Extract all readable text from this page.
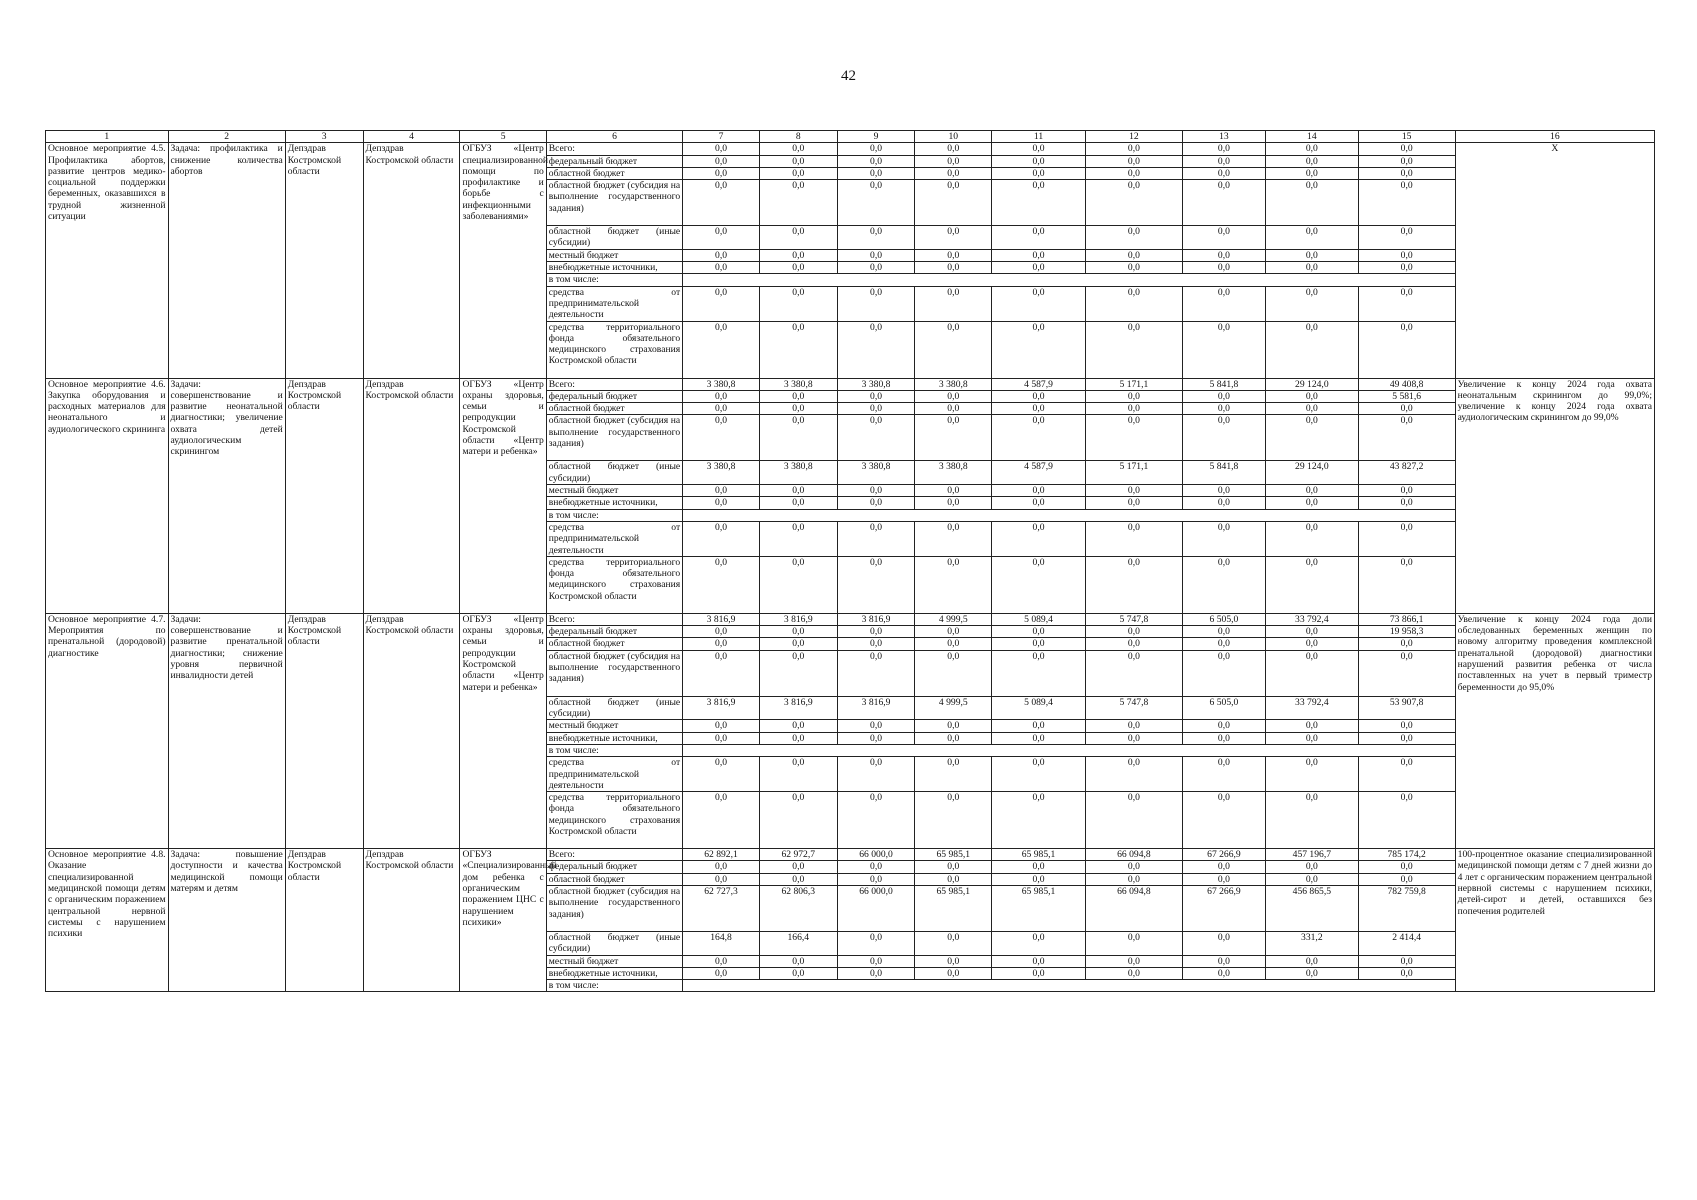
42
1	2	3	4	5	6	7	8	9	10	11	12	13	14	15	16
Основное мероприятие 4.5. Профилактика абортов, развитие центров медико-социальной поддержки беременных, оказавшихся в трудной жизненной ситуации	Задача: профилактика и снижение количества абортов	Депздрав Костромской области	Депздрав Костромской области	ОГБУЗ «Центр специализированной помощи по профилактике и борьбе с инфекционными заболеваниями»	Всего:	0,0	0,0	0,0	0,0	0,0	0,0	0,0	0,0	0,0	X
					федеральный бюджет	0,0	0,0	0,0	0,0	0,0	0,0	0,0	0,0	0,0	
					областной бюджет	0,0	0,0	0,0	0,0	0,0	0,0	0,0	0,0	0,0	
					областной бюджет (субсидия на выполнение государственного задания)	0,0	0,0	0,0	0,0	0,0	0,0	0,0	0,0	0,0	
					областной бюджет (иные субсидии)	0,0	0,0	0,0	0,0	0,0	0,0	0,0	0,0	0,0	
					местный бюджет	0,0	0,0	0,0	0,0	0,0	0,0	0,0	0,0	0,0	
					внебюджетные источники,	0,0	0,0	0,0	0,0	0,0	0,0	0,0	0,0	0,0	
					в том числе:										
					средства от предпринимательской деятельности	0,0	0,0	0,0	0,0	0,0	0,0	0,0	0,0	0,0	
					средства территориального фонда обязательного медицинского страхования Костромской области	0,0	0,0	0,0	0,0	0,0	0,0	0,0	0,0	0,0	
Основное мероприятие 4.6. Закупка оборудования и расходных материалов для неонатального и аудиологического скрининга	Задачи: совершенствование и развитие неонатальной диагностики; увеличение охвата детей аудиологическим скринингом	Депздрав Костромской области	Депздрав Костромской области	ОГБУЗ «Центр охраны здоровья, семьи и репродукции Костромской области «Центр матери и ребенка»	Всего:	3 380,8	3 380,8	3 380,8	3 380,8	4 587,9	5 171,1	5 841,8	29 124,0	49 408,8	Увеличение к концу 2024 года охвата неонатальным скринингом до 99,0%; увеличение к концу 2024 года охвата аудиологическим скринингом до 99,0%
					федеральный бюджет	0,0	0,0	0,0	0,0	0,0	0,0	0,0	0,0	5 581,6	
					областной бюджет	0,0	0,0	0,0	0,0	0,0	0,0	0,0	0,0	0,0	
					областной бюджет (субсидия на выполнение государственного задания)	0,0	0,0	0,0	0,0	0,0	0,0	0,0	0,0	0,0	
					областной бюджет (иные субсидии)	3 380,8	3 380,8	3 380,8	3 380,8	4 587,9	5 171,1	5 841,8	29 124,0	43 827,2	
					местный бюджет	0,0	0,0	0,0	0,0	0,0	0,0	0,0	0,0	0,0	
					внебюджетные источники,	0,0	0,0	0,0	0,0	0,0	0,0	0,0	0,0	0,0	
					в том числе:										
					средства от предпринимательской деятельности	0,0	0,0	0,0	0,0	0,0	0,0	0,0	0,0	0,0	
					средства территориального фонда обязательного медицинского страхования Костромской области	0,0	0,0	0,0	0,0	0,0	0,0	0,0	0,0	0,0	
Основное мероприятие 4.7. Мероприятия по пренатальной (дородовой) диагностике	Задачи: совершенствование и развитие пренатальной диагностики; снижение уровня первичной инвалидности детей	Депздрав Костромской области	Депздрав Костромской области	ОГБУЗ «Центр охраны здоровья, семьи и репродукции Костромской области «Центр матери и ребенка»	Всего:	3 816,9	3 816,9	3 816,9	4 999,5	5 089,4	5 747,8	6 505,0	33 792,4	73 866,1	Увеличение к концу 2024 года доли обследованных беременных женщин по новому алгоритму проведения комплексной пренатальной (дородовой) диагностики нарушений развития ребенка от числа поставленных на учет в первый триместр беременности до 95,0%
					федеральный бюджет	0,0	0,0	0,0	0,0	0,0	0,0	0,0	0,0	19 958,3	
					областной бюджет	0,0	0,0	0,0	0,0	0,0	0,0	0,0	0,0	0,0	
					областной бюджет (субсидия на выполнение государственного задания)	0,0	0,0	0,0	0,0	0,0	0,0	0,0	0,0	0,0	
					областной бюджет (иные субсидии)	3 816,9	3 816,9	3 816,9	4 999,5	5 089,4	5 747,8	6 505,0	33 792,4	53 907,8	
					местный бюджет	0,0	0,0	0,0	0,0	0,0	0,0	0,0	0,0	0,0	
					внебюджетные источники,	0,0	0,0	0,0	0,0	0,0	0,0	0,0	0,0	0,0	
					в том числе:										
					средства от предпринимательской деятельности	0,0	0,0	0,0	0,0	0,0	0,0	0,0	0,0	0,0	
					средства территориального фонда обязательного медицинского страхования Костромской области	0,0	0,0	0,0	0,0	0,0	0,0	0,0	0,0	0,0	
Основное мероприятие 4.8. Оказание специализированной медицинской помощи детям с органическим поражением центральной нервной системы с нарушением психики	Задача: повышение доступности и качества медицинской помощи матерям и детям	Депздрав Костромской области	Депздрав Костромской области	ОГБУЗ «Специализированный дом ребенка с органическим поражением ЦНС с нарушением психики»	Всего:	62 892,1	62 972,7	66 000,0	65 985,1	65 985,1	66 094,8	67 266,9	457 196,7	785 174,2	100-процентное оказание специализированной медицинской помощи детям с 7 дней жизни до 4 лет с органическим поражением центральной нервной системы с нарушением психики, детей-сирот и детей, оставшихся без попечения родителей
					федеральный бюджет	0,0	0,0	0,0	0,0	0,0	0,0	0,0	0,0	0,0	
					областной бюджет	0,0	0,0	0,0	0,0	0,0	0,0	0,0	0,0	0,0	
					областной бюджет (субсидия на выполнение государственного задания)	62 727,3	62 806,3	66 000,0	65 985,1	65 985,1	66 094,8	67 266,9	456 865,5	782 759,8	
					областной бюджет (иные субсидии)	164,8	166,4	0,0	0,0	0,0	0,0	0,0	331,2	2 414,4	
					местный бюджет	0,0	0,0	0,0	0,0	0,0	0,0	0,0	0,0	0,0	
					внебюджетные источники,	0,0	0,0	0,0	0,0	0,0	0,0	0,0	0,0	0,0	
					в том числе:										
